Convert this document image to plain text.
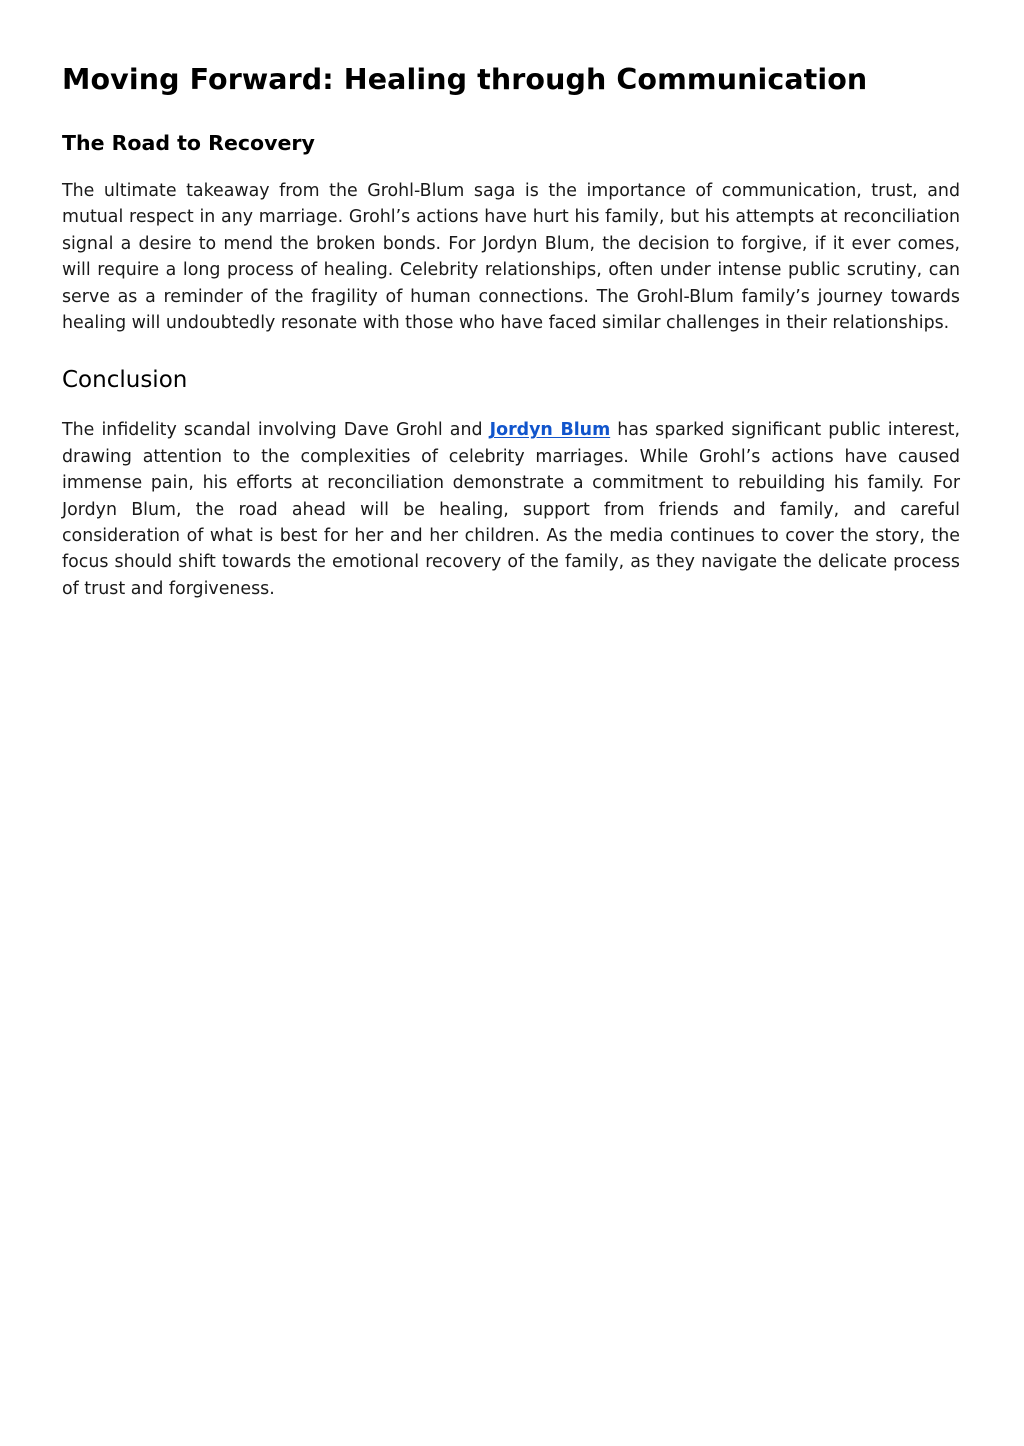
Moving Forward: Healing through Communication
The Road to Recovery

The ultimate takeaway from the Grohl-Blum saga is the importance of communication, trust, and mutual respect in any marriage. Grohl’s actions have hurt his family, but his attempts at reconciliation signal a desire to mend the broken bonds. For Jordyn Blum, the decision to forgive, if it ever comes, will require a long process of healing. Celebrity relationships, often under intense public scrutiny, can serve as a reminder of the fragility of human connections. The Grohl-Blum family’s journey towards healing will undoubtedly resonate with those who have faced similar challenges in their relationships.

Conclusion

The infidelity scandal involving Dave Grohl and Jordyn Blum has sparked significant public interest, drawing attention to the complexities of celebrity marriages. While Grohl’s actions have caused immense pain, his efforts at reconciliation demonstrate a commitment to rebuilding his family. For Jordyn Blum, the road ahead will be healing, support from friends and family, and careful consideration of what is best for her and her children. As the media continues to cover the story, the focus should shift towards the emotional recovery of the family, as they navigate the delicate process of trust and forgiveness.
